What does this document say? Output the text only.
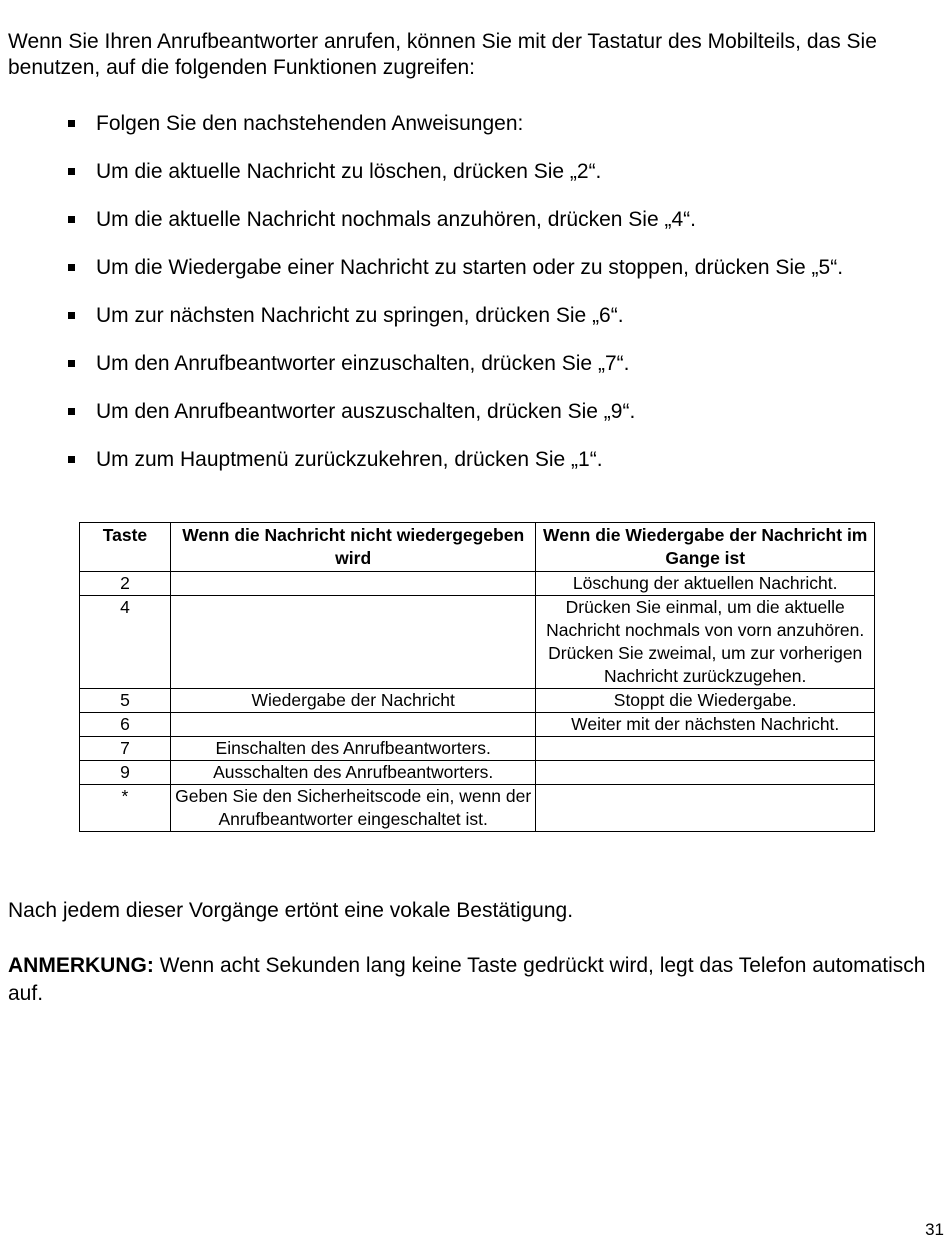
Wenn Sie Ihren Anrufbeantworter anrufen, können Sie mit der Tastatur des Mobilteils, das Sie benutzen, auf die folgenden Funktionen zugreifen:

Folgen Sie den nachstehenden Anweisungen:
Um die aktuelle Nachricht zu löschen, drücken Sie „2“.
Um die aktuelle Nachricht nochmals anzuhören, drücken Sie „4“.
Um die Wiedergabe einer Nachricht zu starten oder zu stoppen, drücken Sie „5“.
Um zur nächsten Nachricht zu springen, drücken Sie „6“.
Um den Anrufbeantworter einzuschalten, drücken Sie „7“.
Um den Anrufbeantworter auszuschalten, drücken Sie „9“.
Um zum Hauptmenü zurückzukehren, drücken Sie „1“.
Taste	Wenn die Nachricht nicht wiedergegeben wird	Wenn die Wiedergabe der Nachricht im Gange ist
2		Löschung der aktuellen Nachricht.
4		Drücken Sie einmal, um die aktuelle Nachricht nochmals von vorn anzuhören. Drücken Sie zweimal, um zur vorherigen Nachricht zurückzugehen.
5	Wiedergabe der Nachricht	Stoppt die Wiedergabe.
6		Weiter mit der nächsten Nachricht.
7	Einschalten des Anrufbeantworters.	
9	Ausschalten des Anrufbeantworters.	
*	Geben Sie den Sicherheitscode ein, wenn der Anrufbeantworter eingeschaltet ist.	

Nach jedem dieser Vorgänge ertönt eine vokale Bestätigung.

ANMERKUNG: Wenn acht Sekunden lang keine Taste gedrückt wird, legt das Telefon automatisch auf.

31
